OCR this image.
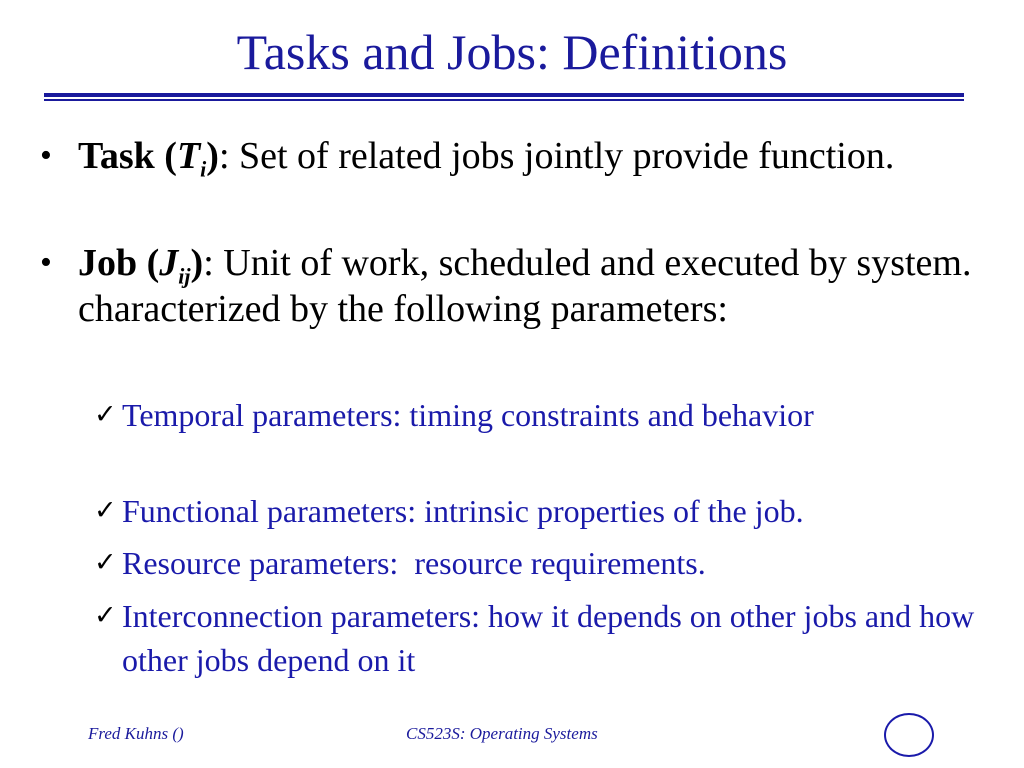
Tasks and Jobs: Definitions
• Task $(T_i)$: Set of related jobs jointly provide function.
• Job $(J_{ij})$: Unit of work, scheduled and executed by system. characterized by the following parameters:
✓ Temporal parameters: timing constraints and behavior
✓ Functional parameters: intrinsic properties of the job.
✓ Resource parameters:  resource requirements.
✓ Interconnection parameters: how it depends on other jobs and how other jobs depend on it
Fred Kuhns ()	CS523S: Operating Systems
